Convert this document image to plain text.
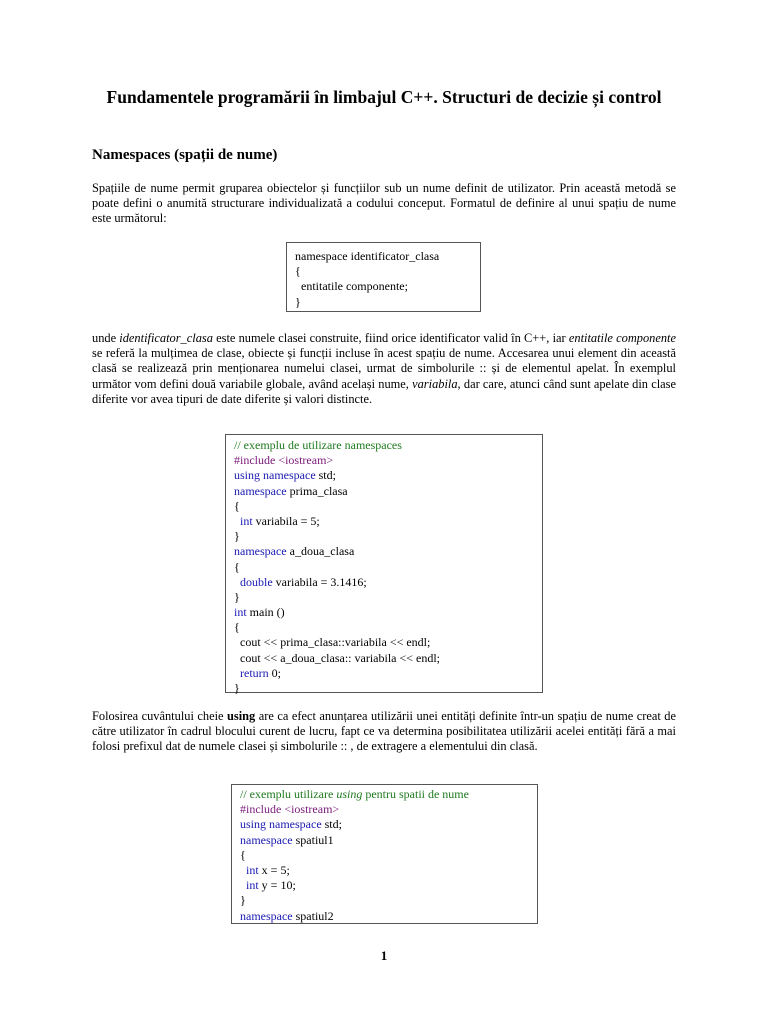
Fundamentele programării în limbajul C++. Structuri de decizie și control
Namespaces (spații de nume)
Spațiile de nume permit gruparea obiectelor și funcțiilor sub un nume definit de utilizator. Prin această metodă se poate defini o anumită structurare individualizată a codului conceput. Formatul de definire al unui spațiu de nume este următorul:
namespace identificator_clasa
{
entitatile componente;
}
unde identificator_clasa este numele clasei construite, fiind orice identificator valid în C++, iar entitatile componente se referă la mulțimea de clase, obiecte și funcții incluse în acest spațiu de nume. Accesarea unui element din această clasă se realizează prin menționarea numelui clasei, urmat de simbolurile :: și de elementul apelat. În exemplul următor vom defini două variabile globale, având același nume, variabila, dar care, atunci când sunt apelate din clase diferite vor avea tipuri de date diferite și valori distincte.
// exemplu de utilizare namespaces
#include <iostream>
using namespace std;
namespace prima_clasa
{
int variabila = 5;
}
namespace a_doua_clasa
{
double variabila = 3.1416;
}
int main ()
{
cout << prima_clasa::variabila << endl;
cout << a_doua_clasa:: variabila << endl;
return 0;
}
Folosirea cuvântului cheie using are ca efect anunțarea utilizării unei entități definite într-un spațiu de nume creat de către utilizator în cadrul blocului curent de lucru, fapt ce va determina posibilitatea utilizării acelei entități fără a mai folosi prefixul dat de numele clasei și simbolurile :: , de extragere a elementului din clasă.
// exemplu utilizare using pentru spatii de nume
#include <iostream>
using namespace std;
namespace spatiul1
{
int x = 5;
int y = 10;
}
namespace spatiul2
1
